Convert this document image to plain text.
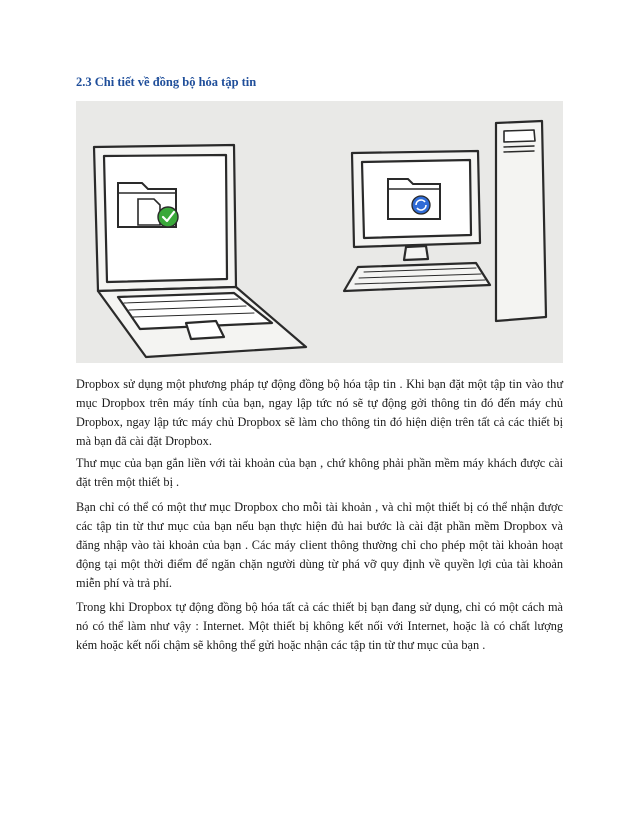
2.3 Chi tiết về đồng bộ hóa tập tin

Dropbox sử dụng một phương pháp tự động đồng bộ hóa tập tin . Khi bạn đặt một tập tin vào thư mục Dropbox trên máy tính của bạn, ngay lập tức nó sẽ tự động gởi thông tin đó đến máy chủ Dropbox, ngay lập tức máy chủ Dropbox sẽ làm cho thông tin đó hiện diện trên tất cả các thiết bị mà bạn đã cài đặt Dropbox.

Thư mục của bạn gắn liền với tài khoản của bạn , chứ không phải phần mềm máy khách được cài đặt trên một thiết bị .

Bạn chỉ có thể có một thư mục Dropbox cho mỗi tài khoản , và chỉ một thiết bị có thể nhận được các tập tin từ thư mục của bạn nếu bạn thực hiện đủ hai bước là cài đặt phần mềm Dropbox và đăng nhập vào tài khoản của bạn . Các máy client thông thường chỉ cho phép một tài khoản hoạt động tại một thời điểm để ngăn chặn người dùng từ phá vỡ quy định về quyền lợi của tài khoản miễn phí và trả phí.

Trong khi Dropbox tự động đồng bộ hóa tất cả các thiết bị bạn đang sử dụng, chỉ có một cách mà nó có thể làm như vậy : Internet. Một thiết bị không kết nối với Internet, hoặc là có chất lượng kém hoặc kết nối chậm sẽ không thể gửi hoặc nhận các tập tin từ thư mục của bạn .
